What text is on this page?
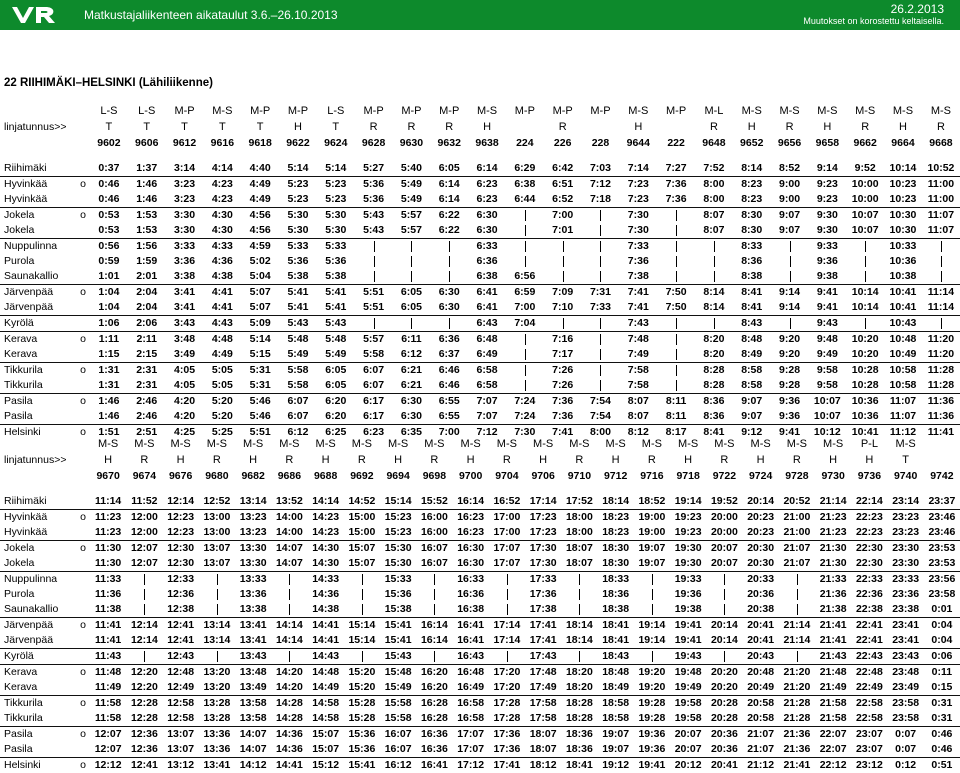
Matkustajaliikenteen aikataulut 3.6.–26.10.2013	26.2.2013
Muutokset on korostettu keltaisella.
22 RIIHIMÄKI–HELSINKI (Lähiliikenne)
		L-S	L-S	M-P	M-S	M-P	M-P	L-S	M-P	M-P	M-P	M-S	M-P	M-P	M-P	M-S	M-P	M-L	M-S	M-S	M-S	M-S	M-S	M-S
linjatunnus>>		T	T	T	T	T	H	T	R	R	R	H		R		H		R	H	R	H	R	H	R
		9602	9606	9612	9616	9618	9622	9624	9628	9630	9632	9638	224	226	228	9644	222	9648	9652	9656	9658	9662	9664	9668

Riihimäki		0:37	1:37	3:14	4:14	4:40	5:14	5:14	5:27	5:40	6:05	6:14	6:29	6:42	7:03	7:14	7:27	7:52	8:14	8:52	9:14	9:52	10:14	10:52
Hyvinkää	o	0:46	1:46	3:23	4:23	4:49	5:23	5:23	5:36	5:49	6:14	6:23	6:38	6:51	7:12	7:23	7:36	8:00	8:23	9:00	9:23	10:00	10:23	11:00
Hyvinkää		0:46	1:46	3:23	4:23	4:49	5:23	5:23	5:36	5:49	6:14	6:23	6:44	6:52	7:18	7:23	7:36	8:00	8:23	9:00	9:23	10:00	10:23	11:00
Jokela	o	0:53	1:53	3:30	4:30	4:56	5:30	5:30	5:43	5:57	6:22	6:30		7:00		7:30		8:07	8:30	9:07	9:30	10:07	10:30	11:07
Jokela		0:53	1:53	3:30	4:30	4:56	5:30	5:30	5:43	5:57	6:22	6:30		7:01		7:30		8:07	8:30	9:07	9:30	10:07	10:30	11:07
Nuppulinna		0:56	1:56	3:33	4:33	4:59	5:33	5:33				6:33				7:33			8:33		9:33		10:33	
Purola		0:59	1:59	3:36	4:36	5:02	5:36	5:36				6:36				7:36			8:36		9:36		10:36	
Saunakallio		1:01	2:01	3:38	4:38	5:04	5:38	5:38				6:38	6:56			7:38			8:38		9:38		10:38	
Järvenpää	o	1:04	2:04	3:41	4:41	5:07	5:41	5:41	5:51	6:05	6:30	6:41	6:59	7:09	7:31	7:41	7:50	8:14	8:41	9:14	9:41	10:14	10:41	11:14
Järvenpää		1:04	2:04	3:41	4:41	5:07	5:41	5:41	5:51	6:05	6:30	6:41	7:00	7:10	7:33	7:41	7:50	8:14	8:41	9:14	9:41	10:14	10:41	11:14
Kyrölä		1:06	2:06	3:43	4:43	5:09	5:43	5:43				6:43	7:04			7:43			8:43		9:43		10:43	
Kerava	o	1:11	2:11	3:48	4:48	5:14	5:48	5:48	5:57	6:11	6:36	6:48		7:16		7:48		8:20	8:48	9:20	9:48	10:20	10:48	11:20
Kerava		1:15	2:15	3:49	4:49	5:15	5:49	5:49	5:58	6:12	6:37	6:49		7:17		7:49		8:20	8:49	9:20	9:49	10:20	10:49	11:20
Tikkurila	o	1:31	2:31	4:05	5:05	5:31	5:58	6:05	6:07	6:21	6:46	6:58		7:26		7:58		8:28	8:58	9:28	9:58	10:28	10:58	11:28
Tikkurila		1:31	2:31	4:05	5:05	5:31	5:58	6:05	6:07	6:21	6:46	6:58		7:26		7:58		8:28	8:58	9:28	9:58	10:28	10:58	11:28
Pasila	o	1:46	2:46	4:20	5:20	5:46	6:07	6:20	6:17	6:30	6:55	7:07	7:24	7:36	7:54	8:07	8:11	8:36	9:07	9:36	10:07	10:36	11:07	11:36
Pasila		1:46	2:46	4:20	5:20	5:46	6:07	6:20	6:17	6:30	6:55	7:07	7:24	7:36	7:54	8:07	8:11	8:36	9:07	9:36	10:07	10:36	11:07	11:36
Helsinki	o	1:51	2:51	4:25	5:25	5:51	6:12	6:25	6:23	6:35	7:00	7:12	7:30	7:41	8:00	8:12	8:17	8:41	9:12	9:41	10:12	10:41	11:12	11:41
		M-S	M-S	M-S	M-S	M-S	M-S	M-S	M-S	M-S	M-S	M-S	M-S	M-S	M-S	M-S	M-S	M-S	M-S	M-S	M-S	M-S	P-L	M-S	
linjatunnus>>		H	R	H	R	H	R	H	R	H	R	H	R	H	R	H	R	H	R	H	R	H	H	T	
		9670	9674	9676	9680	9682	9686	9688	9692	9694	9698	9700	9704	9706	9710	9712	9716	9718	9722	9724	9728	9730	9736	9740	9742

Riihimäki		11:14	11:52	12:14	12:52	13:14	13:52	14:14	14:52	15:14	15:52	16:14	16:52	17:14	17:52	18:14	18:52	19:14	19:52	20:14	20:52	21:14	22:14	23:14	23:37
Hyvinkää	o	11:23	12:00	12:23	13:00	13:23	14:00	14:23	15:00	15:23	16:00	16:23	17:00	17:23	18:00	18:23	19:00	19:23	20:00	20:23	21:00	21:23	22:23	23:23	23:46
Hyvinkää		11:23	12:00	12:23	13:00	13:23	14:00	14:23	15:00	15:23	16:00	16:23	17:00	17:23	18:00	18:23	19:00	19:23	20:00	20:23	21:00	21:23	22:23	23:23	23:46
Jokela	o	11:30	12:07	12:30	13:07	13:30	14:07	14:30	15:07	15:30	16:07	16:30	17:07	17:30	18:07	18:30	19:07	19:30	20:07	20:30	21:07	21:30	22:30	23:30	23:53
Jokela		11:30	12:07	12:30	13:07	13:30	14:07	14:30	15:07	15:30	16:07	16:30	17:07	17:30	18:07	18:30	19:07	19:30	20:07	20:30	21:07	21:30	22:30	23:30	23:53
Nuppulinna		11:33		12:33		13:33		14:33		15:33		16:33		17:33		18:33		19:33		20:33		21:33	22:33	23:33	23:56
Purola		11:36		12:36		13:36		14:36		15:36		16:36		17:36		18:36		19:36		20:36		21:36	22:36	23:36	23:58
Saunakallio		11:38		12:38		13:38		14:38		15:38		16:38		17:38		18:38		19:38		20:38		21:38	22:38	23:38	0:01
Järvenpää	o	11:41	12:14	12:41	13:14	13:41	14:14	14:41	15:14	15:41	16:14	16:41	17:14	17:41	18:14	18:41	19:14	19:41	20:14	20:41	21:14	21:41	22:41	23:41	0:04
Järvenpää		11:41	12:14	12:41	13:14	13:41	14:14	14:41	15:14	15:41	16:14	16:41	17:14	17:41	18:14	18:41	19:14	19:41	20:14	20:41	21:14	21:41	22:41	23:41	0:04
Kyrölä		11:43		12:43		13:43		14:43		15:43		16:43		17:43		18:43		19:43		20:43		21:43	22:43	23:43	0:06
Kerava	o	11:48	12:20	12:48	13:20	13:48	14:20	14:48	15:20	15:48	16:20	16:48	17:20	17:48	18:20	18:48	19:20	19:48	20:20	20:48	21:20	21:48	22:48	23:48	0:11
Kerava		11:49	12:20	12:49	13:20	13:49	14:20	14:49	15:20	15:49	16:20	16:49	17:20	17:49	18:20	18:49	19:20	19:49	20:20	20:49	21:20	21:49	22:49	23:49	0:15
Tikkurila	o	11:58	12:28	12:58	13:28	13:58	14:28	14:58	15:28	15:58	16:28	16:58	17:28	17:58	18:28	18:58	19:28	19:58	20:28	20:58	21:28	21:58	22:58	23:58	0:31
Tikkurila		11:58	12:28	12:58	13:28	13:58	14:28	14:58	15:28	15:58	16:28	16:58	17:28	17:58	18:28	18:58	19:28	19:58	20:28	20:58	21:28	21:58	22:58	23:58	0:31
Pasila	o	12:07	12:36	13:07	13:36	14:07	14:36	15:07	15:36	16:07	16:36	17:07	17:36	18:07	18:36	19:07	19:36	20:07	20:36	21:07	21:36	22:07	23:07	0:07	0:46
Pasila		12:07	12:36	13:07	13:36	14:07	14:36	15:07	15:36	16:07	16:36	17:07	17:36	18:07	18:36	19:07	19:36	20:07	20:36	21:07	21:36	22:07	23:07	0:07	0:46
Helsinki	o	12:12	12:41	13:12	13:41	14:12	14:41	15:12	15:41	16:12	16:41	17:12	17:41	18:12	18:41	19:12	19:41	20:12	20:41	21:12	21:41	22:12	23:12	0:12	0:51
